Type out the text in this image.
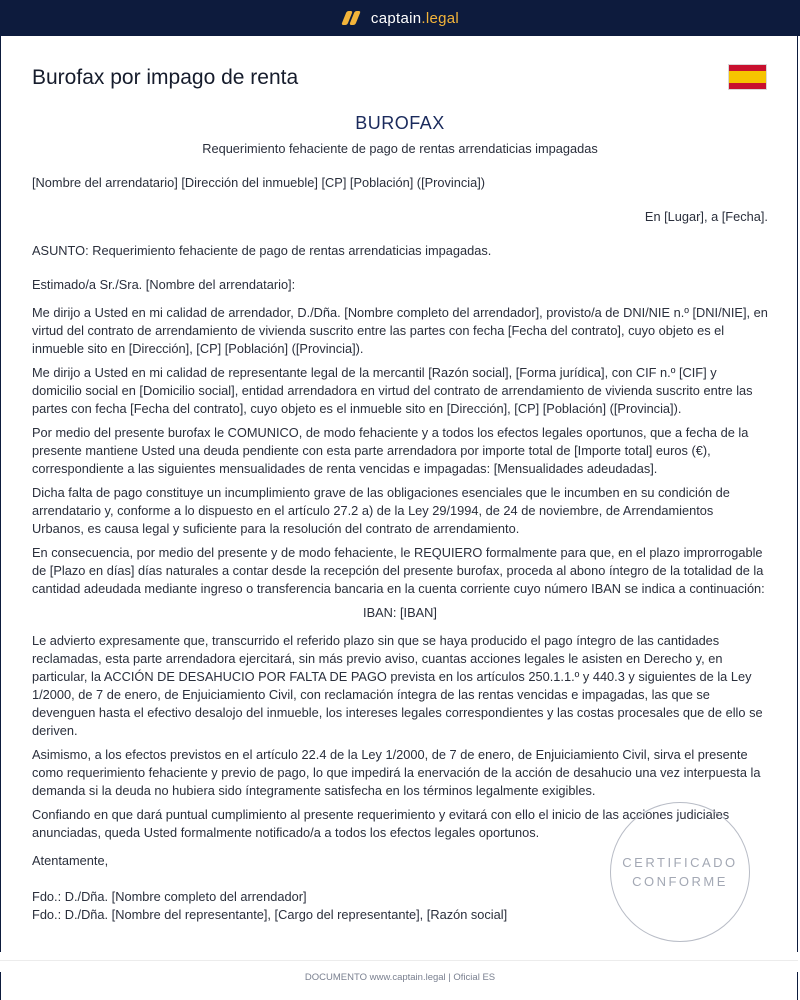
captain.legal
Burofax por impago de renta

BUROFAX

Requerimiento fehaciente de pago de rentas arrendaticias impagadas

[Nombre del arrendatario] [Dirección del inmueble] [CP] [Población] ([Provincia])

En [Lugar], a [Fecha].

ASUNTO: Requerimiento fehaciente de pago de rentas arrendaticias impagadas.

Estimado/a Sr./Sra. [Nombre del arrendatario]:

Me dirijo a Usted en mi calidad de arrendador, D./Dña. [Nombre completo del arrendador], provisto/a de DNI/NIE n.º [DNI/NIE], en virtud del contrato de arrendamiento de vivienda suscrito entre las partes con fecha [Fecha del contrato], cuyo objeto es el inmueble sito en [Dirección], [CP] [Población] ([Provincia]).

Me dirijo a Usted en mi calidad de representante legal de la mercantil [Razón social], [Forma jurídica], con CIF n.º [CIF] y domicilio social en [Domicilio social], entidad arrendadora en virtud del contrato de arrendamiento de vivienda suscrito entre las partes con fecha [Fecha del contrato], cuyo objeto es el inmueble sito en [Dirección], [CP] [Población] ([Provincia]).

Por medio del presente burofax le COMUNICO, de modo fehaciente y a todos los efectos legales oportunos, que a fecha de la presente mantiene Usted una deuda pendiente con esta parte arrendadora por importe total de [Importe total] euros (€), correspondiente a las siguientes mensualidades de renta vencidas e impagadas: [Mensualidades adeudadas].

Dicha falta de pago constituye un incumplimiento grave de las obligaciones esenciales que le incumben en su condición de arrendatario y, conforme a lo dispuesto en el artículo 27.2 a) de la Ley 29/1994, de 24 de noviembre, de Arrendamientos Urbanos, es causa legal y suficiente para la resolución del contrato de arrendamiento.

En consecuencia, por medio del presente y de modo fehaciente, le REQUIERO formalmente para que, en el plazo improrrogable de [Plazo en días] días naturales a contar desde la recepción del presente burofax, proceda al abono íntegro de la totalidad de la cantidad adeudada mediante ingreso o transferencia bancaria en la cuenta corriente cuyo número IBAN se indica a continuación:

IBAN: [IBAN]

Le advierto expresamente que, transcurrido el referido plazo sin que se haya producido el pago íntegro de las cantidades reclamadas, esta parte arrendadora ejercitará, sin más previo aviso, cuantas acciones legales le asisten en Derecho y, en particular, la ACCIÓN DE DESAHUCIO POR FALTA DE PAGO prevista en los artículos 250.1.1.º y 440.3 y siguientes de la Ley 1/2000, de 7 de enero, de Enjuiciamiento Civil, con reclamación íntegra de las rentas vencidas e impagadas, las que se devenguen hasta el efectivo desalojo del inmueble, los intereses legales correspondientes y las costas procesales que de ello se deriven.

Asimismo, a los efectos previstos en el artículo 22.4 de la Ley 1/2000, de 7 de enero, de Enjuiciamiento Civil, sirva el presente como requerimiento fehaciente y previo de pago, lo que impedirá la enervación de la acción de desahucio una vez interpuesta la demanda si la deuda no hubiera sido íntegramente satisfecha en los términos legalmente exigibles.

Confiando en que dará puntual cumplimiento al presente requerimiento y evitará con ello el inicio de las acciones judiciales anunciadas, queda Usted formalmente notificado/a a todos los efectos legales oportunos.

Atentamente,

Fdo.: D./Dña. [Nombre completo del arrendador]

Fdo.: D./Dña. [Nombre del representante], [Cargo del representante], [Razón social]

CERTIFICADO
CONFORME
DOCUMENTO www.captain.legal | Oficial ES
